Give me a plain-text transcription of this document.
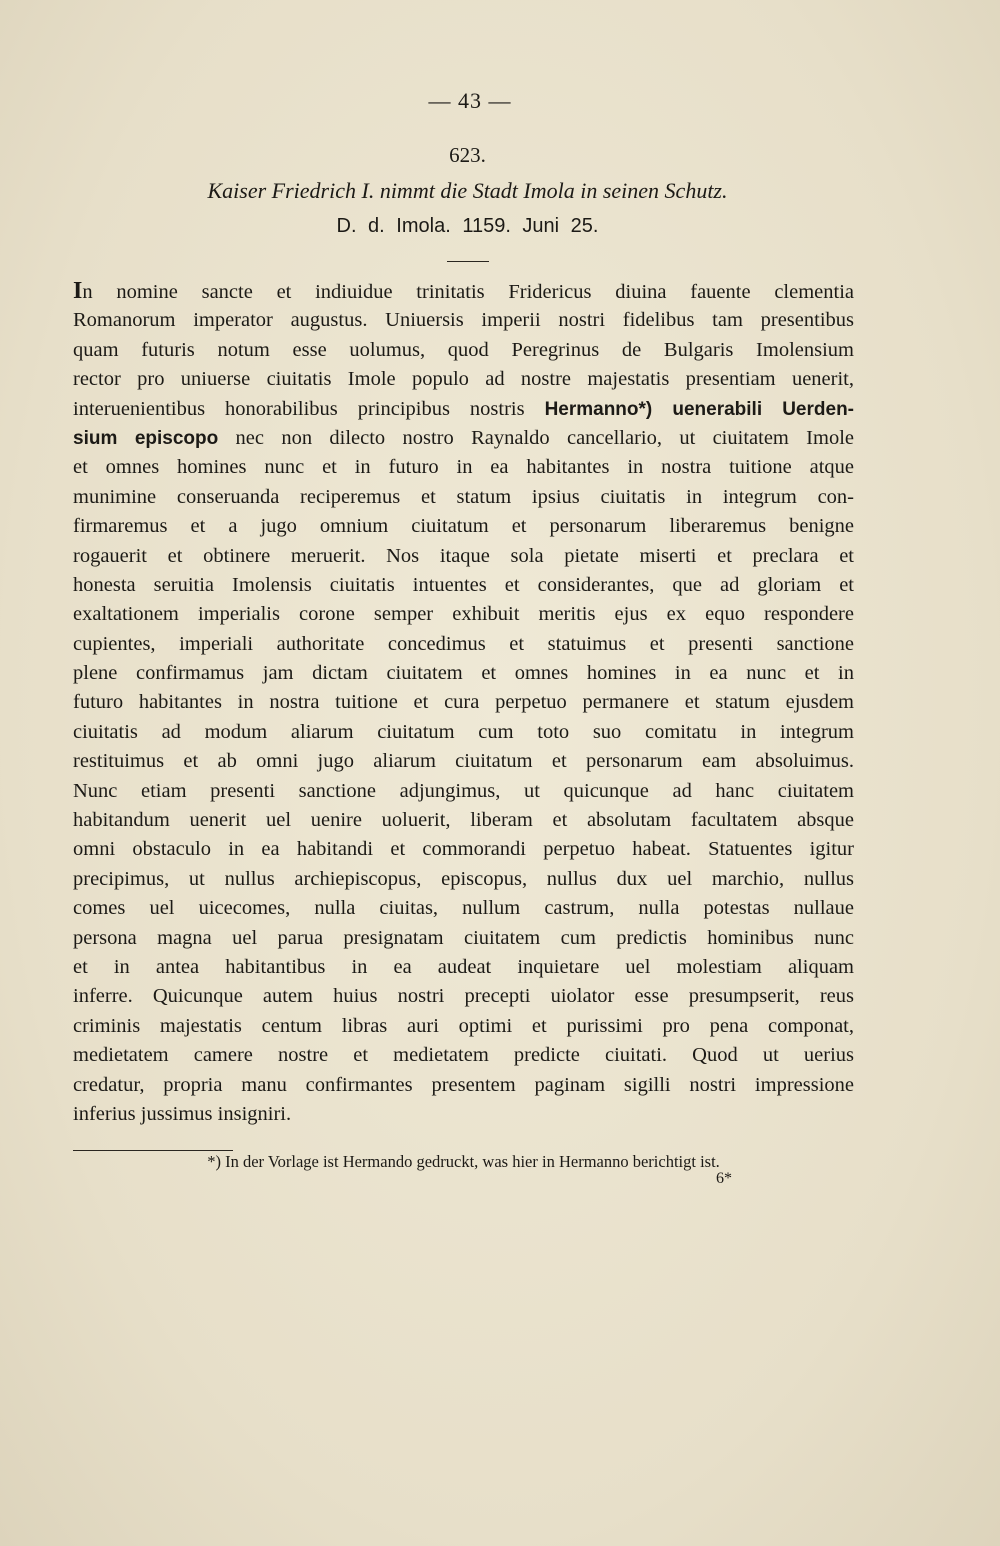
— 43 —
623.
Kaiser Friedrich I. nimmt die Stadt Imola in seinen Schutz.
D. d. Imola. 1159. Juni 25.
In nomine sancte et indiuidue trinitatis Fridericus diuina fauente clementia
Romanorum imperator augustus. Uniuersis imperii nostri fidelibus tam presentibus
quam futuris notum esse uolumus, quod Peregrinus de Bulgaris Imolensium
rector pro uniuerse ciuitatis Imole populo ad nostre majestatis presentiam uenerit,
interuenientibus honorabilibus principibus nostris Hermanno*) uenerabili Uerden-
sium episcopo nec non dilecto nostro Raynaldo cancellario, ut ciuitatem Imole
et omnes homines nunc et in futuro in ea habitantes in nostra tuitione atque
munimine conseruanda reciperemus et statum ipsius ciuitatis in integrum con-
firmaremus et a jugo omnium ciuitatum et personarum liberaremus benigne
rogauerit et obtinere meruerit. Nos itaque sola pietate miserti et preclara et
honesta seruitia Imolensis ciuitatis intuentes et considerantes, que ad gloriam et
exaltationem imperialis corone semper exhibuit meritis ejus ex equo respondere
cupientes, imperiali authoritate concedimus et statuimus et presenti sanctione
plene confirmamus jam dictam ciuitatem et omnes homines in ea nunc et in
futuro habitantes in nostra tuitione et cura perpetuo permanere et statum ejusdem
ciuitatis ad modum aliarum ciuitatum cum toto suo comitatu in integrum
restituimus et ab omni jugo aliarum ciuitatum et personarum eam absoluimus.
Nunc etiam presenti sanctione adjungimus, ut quicunque ad hanc ciuitatem
habitandum uenerit uel uenire uoluerit, liberam et absolutam facultatem absque
omni obstaculo in ea habitandi et commorandi perpetuo habeat. Statuentes igitur
precipimus, ut nullus archiepiscopus, episcopus, nullus dux uel marchio, nullus
comes uel uicecomes, nulla ciuitas, nullum castrum, nulla potestas nullaue
persona magna uel parua presignatam ciuitatem cum predictis hominibus nunc
et in antea habitantibus in ea audeat inquietare uel molestiam aliquam
inferre. Quicunque autem huius nostri precepti uiolator esse presumpserit, reus
criminis majestatis centum libras auri optimi et purissimi pro pena componat,
medietatem camere nostre et medietatem predicte ciuitati. Quod ut uerius
credatur, propria manu confirmantes presentem paginam sigilli nostri impressione
inferius jussimus insigniri.
*) In der Vorlage ist Hermando gedruckt, was hier in Hermanno berichtigt ist.
6*
